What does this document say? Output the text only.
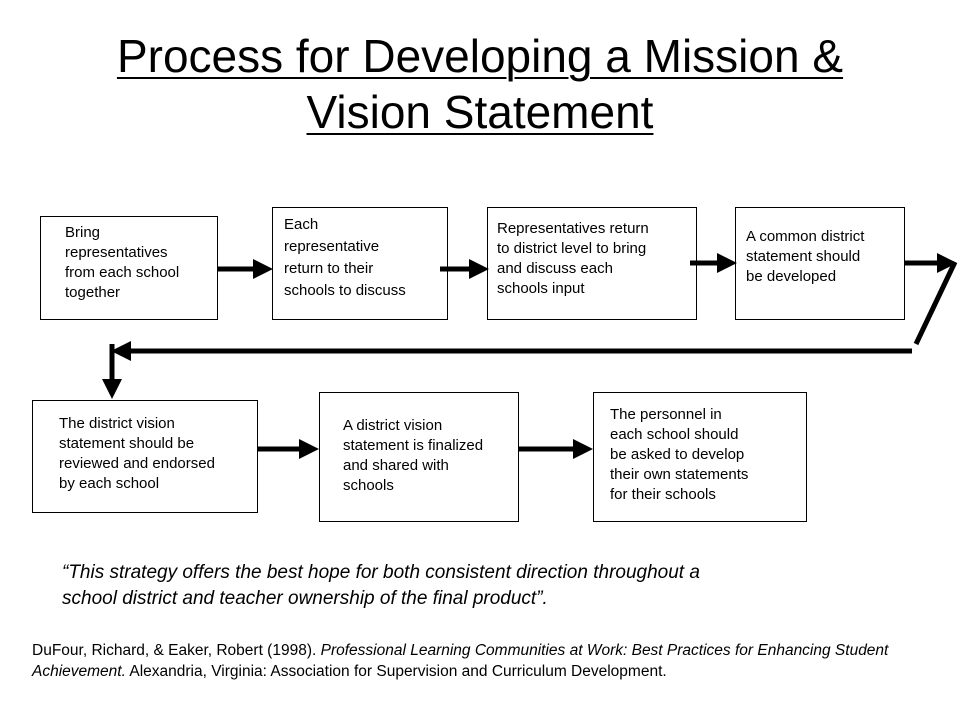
Process for Developing a Mission &
Vision Statement
Bring
representatives
from each school
together
Each
representative
return to their
schools to discuss
Representatives return
to district level to bring
and discuss each
schools input
A common district
statement should
be developed
The district vision
statement should be
reviewed and endorsed
by each school
A district vision
statement is finalized
and shared with
schools
The personnel in
each school should
be asked to develop
their own statements
for their schools
“This strategy offers the best hope for both consistent direction throughout a
school district and teacher ownership of the final product”.
DuFour, Richard, & Eaker, Robert (1998). Professional Learning Communities at Work: Best Practices for Enhancing Student Achievement. Alexandria, Virginia: Association for Supervision and Curriculum Development.
